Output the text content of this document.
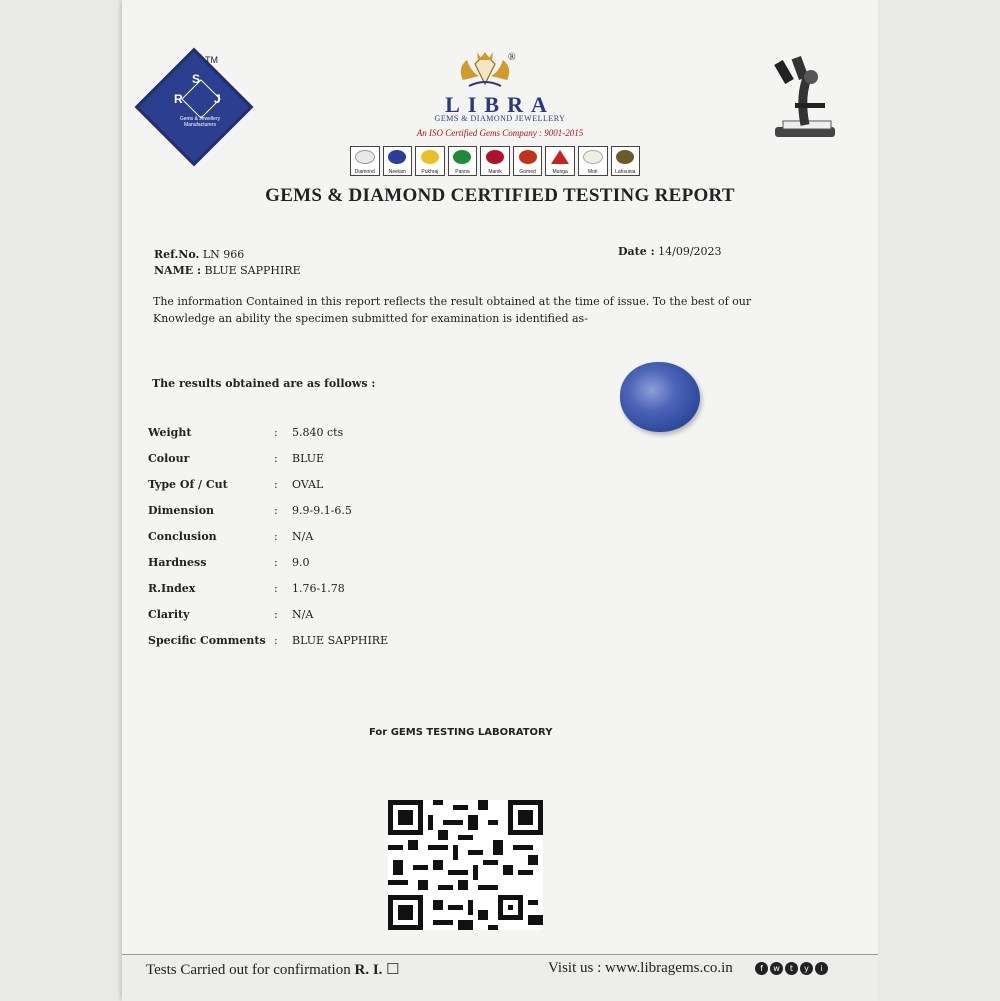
S
R	J
Gems & Jewellery Manufacturers
TM	®
LIBRA
GEMS & DIAMOND JEWELLERY
An ISO Certified Gems Company : 9001-2015
Diamond	Neelam	Pukhraj	Panna	Manik	Gomed	Munga	Moti	Lahsunia
GEMS & DIAMOND CERTIFIED TESTING REPORT
Ref.No. LN 966
NAME : BLUE SAPPHIRE
Date : 14/09/2023
The information Contained in this report reflects the result obtained at the time of issue. To the best of our Knowledge an ability the specimen submitted for examination is identified as-
The results obtained are as follows :
Weight	: 5.840 cts
Colour	: BLUE
Type Of / Cut	: OVAL
Dimension	: 9.9-9.1-6.5
Conclusion	: N/A
Hardness	: 9.0
R.Index	: 1.76-1.78
Clarity	: N/A
Specific Comments : BLUE SAPPHIRE
For GEMS TESTING LABORATORY
Tests Carried out for confirmation R. I. ☐	Visit us : www.libragems.co.in	f	w	t	y	i
